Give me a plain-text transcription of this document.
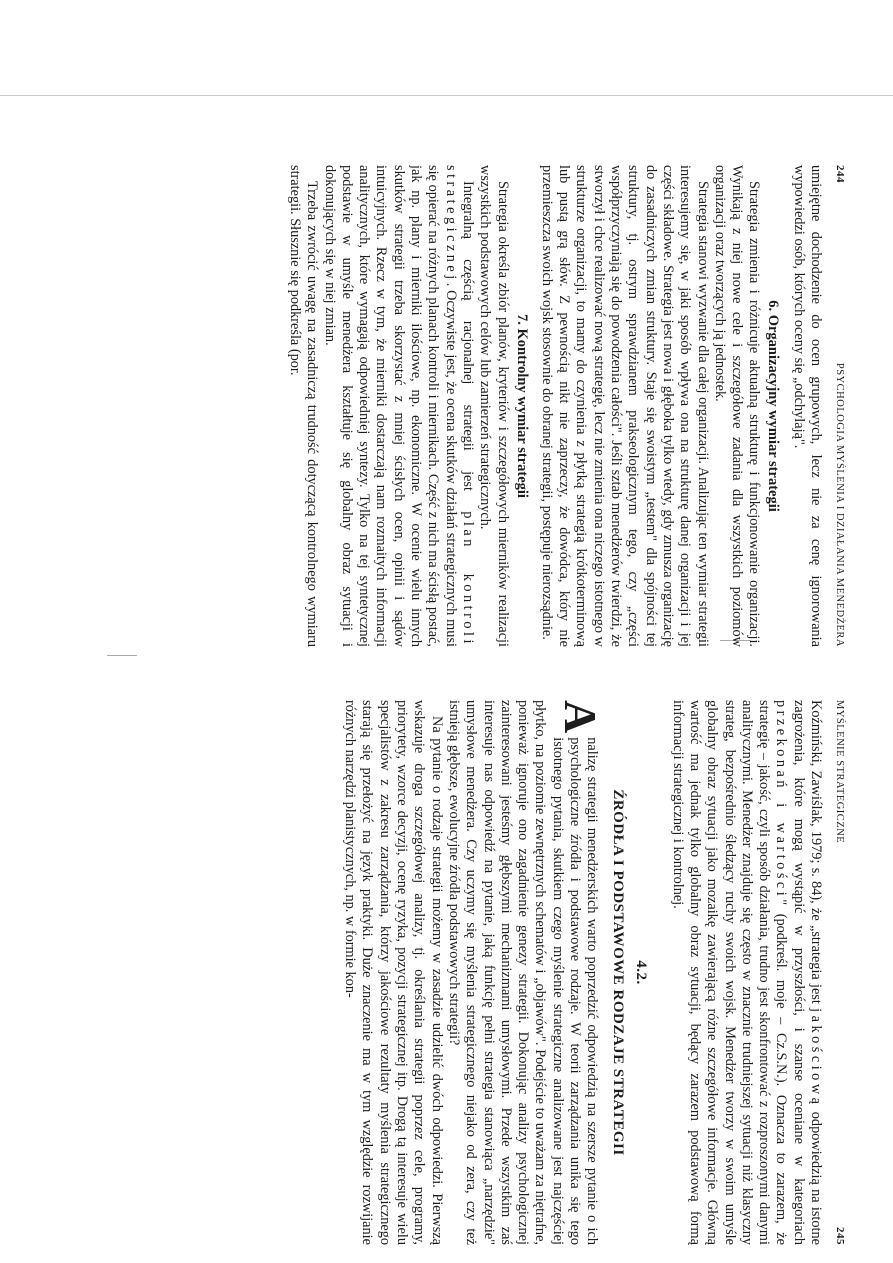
244
PSYCHOLOGIA MYŚLENIA I DZIAŁANIA MENEDŻERA

umiejętne dochodzenie do ocen grupowych, lecz nie za cenę ignorowania wypowiedzi osób, których oceny się „odchylają".

6. Organizacyjny wymiar strategii

Strategia zmienia i różnicuje aktualną strukturę i funkcjonowanie organizacji. Wynikają z niej nowe cele i szczegółowe zadania dla wszystkich poziomów organizacji oraz tworzących ją jednostek.

Strategia stanowi wyzwanie dla całej organizacji. Analizując ten wymiar strategii interesujemy się, w jaki sposób wpływa ona na strukturę danej organizacji i jej części składowe. Strategia jest nowa i głęboka tylko wtedy, gdy zmusza organizację do zasadniczych zmian struktury. Staje się swoistym „testem" dla spójności tej struktury, tj. ostrym sprawdzianem prakseologicznym tego, czy „części współprzyczyniają się do powodzenia całości". Jeśli sztab menedżerów twierdzi, że stworzył i chce realizować nową strategię, lecz nie zmienia ona niczego istotnego w strukturze organizacji, to mamy do czynienia z płytką strategią krótkoterminową lub pustą grą słów. Z pewnością nikt nie zaprzeczy, że dowódca, który nie przemieszcza swoich wojsk stosownie do obranej strategii, postępuje nierozsądnie.

7. Kontrolny wymiar strategii

Strategia określa zbiór planów, kryteriów i szczegółowych mierników realizacji wszystkich podstawowych celów lub zamierzeń strategicznych.

Integralną częścią racjonalnej strategii jest plan kontroli strategicznej. Oczywiste jest, że ocena skutków działań strategicznych musi się opierać na różnych planach kontroli i miernikach. Część z nich ma ścisłą postać, jak np. plany i mierniki ilościowe, np. ekonomiczne. W ocenie wielu innych skutków strategii trzeba skorzystać z mniej ścisłych ocen, opinii i sądów intuicyjnych. Rzecz w tym, że mierniki dostarczają nam rozmaitych informacji analitycznych, które wymagają odpowiedniej syntezy. Tylko na tej syntetycznej podstawie w umyśle menedżera kształtuje się globalny obraz sytuacji i dokonujących się w niej zmian.

Trzeba zwrócić uwagę na zasadniczą trudność dotyczącą kontrolnego wymiaru strategii. Słusznie się podkreśla (por.

MYŚLENIE STRATEGICZNE
245

Koźmiński, Zawiślak, 1979; s. 84), że „strategia jest jakościową odpowiedzią na istotne zagrożenia, które mogą wystąpić w przyszłości, i szanse oceniane w kategoriach przekonań i wartości" (podkreśl. moje – Cz.S.N.). Oznacza to zarazem, że strategię – jakość, czyli sposób działania, trudno jest skonfrontować z rozproszonymi danymi analitycznymi. Menedżer znajduje się często w znacznie trudniejszej sytuacji niż klasyczny strateg, bezpośrednio śledzący ruchy swoich wojsk. Menedżer tworzy w swoim umyśle globalny obraz sytuacji jako mozaikę zawierającą różne szczegółowe informacje. Główną wartość ma jednak tylko globalny obraz sytuacji, będący zarazem podstawową formą informacji strategicznej i kontrolnej.

4.2.
ŹRÓDŁA I PODSTAWOWE RODZAJE STRATEGII

A
nalizę strategii menedżerskich warto poprzedzić odpowiedzią na szersze pytanie o ich psychologiczne źródła i podstawowe rodzaje. W teorii zarządzania unika się tego istotnego pytania, skutkiem czego myślenie strategiczne analizowane jest najczęściej płytko, na poziomie zewnętrznych schematów i „objawów". Podejście to uważam za niętrafne, ponieważ ignoruje ono zagadnienie genezy strategii. Dokonując analizy psychologicznej zainteresowani jesteśmy głębszymi mechanizmami umysłowymi. Przede wszystkim zaś interesuje nas odpowiedź na pytanie, jaką funkcję pełni strategia stanowiąca „narzędzie" umysłowe menedżera. Czy uczymy się myślenia strategicznego niejako od zera, czy też istnieją głębsze, ewolucyjne źródła podstawowych strategii?

Na pytanie o rodzaje strategii możemy w zasadzie udzielić dwóch odpowiedzi. Pierwszą wskazuje droga szczegółowej analizy, tj. określania strategii poprzez cele, programy, priorytety, wzorce decyzji, ocenę ryzyka, pozycji strategicznej itp. Drogą tą interesuje wielu specjalistów z zakresu zarządzania, którzy jakościowe rezultaty myślenia strategicznego starają się przełożyć na język praktyki. Duże znaczenie ma w tym względzie rozwijanie różnych narzędzi planistycznych, np. w formie kon-
